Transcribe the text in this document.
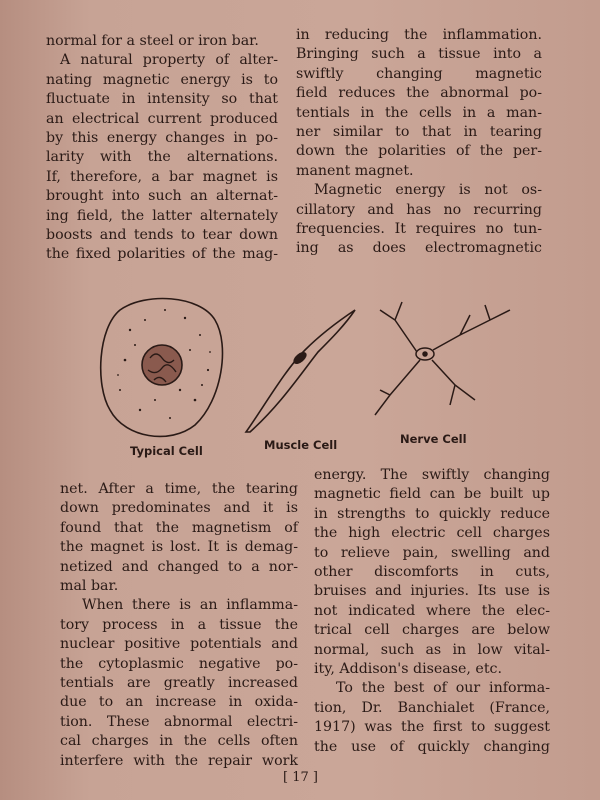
normal for a steel or iron bar.
A natural property of alter-
nating magnetic energy is to
fluctuate in intensity so that
an electrical current produced
by this energy changes in po-
larity with the alternations.
If, therefore, a bar magnet is
brought into such an alternat-
ing field, the latter alternately
boosts and tends to tear down
the fixed polarities of the mag-
in reducing the inflammation.
Bringing such a tissue into a
swiftly changing magnetic
field reduces the abnormal po-
tentials in the cells in a man-
ner similar to that in tearing
down the polarities of the per-
manent magnet.
Magnetic energy is not os-
cillatory and has no recurring
frequencies. It requires no tun-
ing as does electromagnetic
Typical Cell	Muscle Cell	Nerve Cell
net. After a time, the tearing
down predominates and it is
found that the magnetism of
the magnet is lost. It is demag-
netized and changed to a nor-
mal bar.
When there is an inflamma-
tory process in a tissue the
nuclear positive potentials and
the cytoplasmic negative po-
tentials are greatly increased
due to an increase in oxida-
tion. These abnormal electri-
cal charges in the cells often
interfere with the repair work
energy. The swiftly changing
magnetic field can be built up
in strengths to quickly reduce
the high electric cell charges
to relieve pain, swelling and
other discomforts in cuts,
bruises and injuries. Its use is
not indicated where the elec-
trical cell charges are below
normal, such as in low vital-
ity, Addison's disease, etc.
To the best of our informa-
tion, Dr. Banchialet (France,
1917) was the first to suggest
the use of quickly changing
[ 17 ]
